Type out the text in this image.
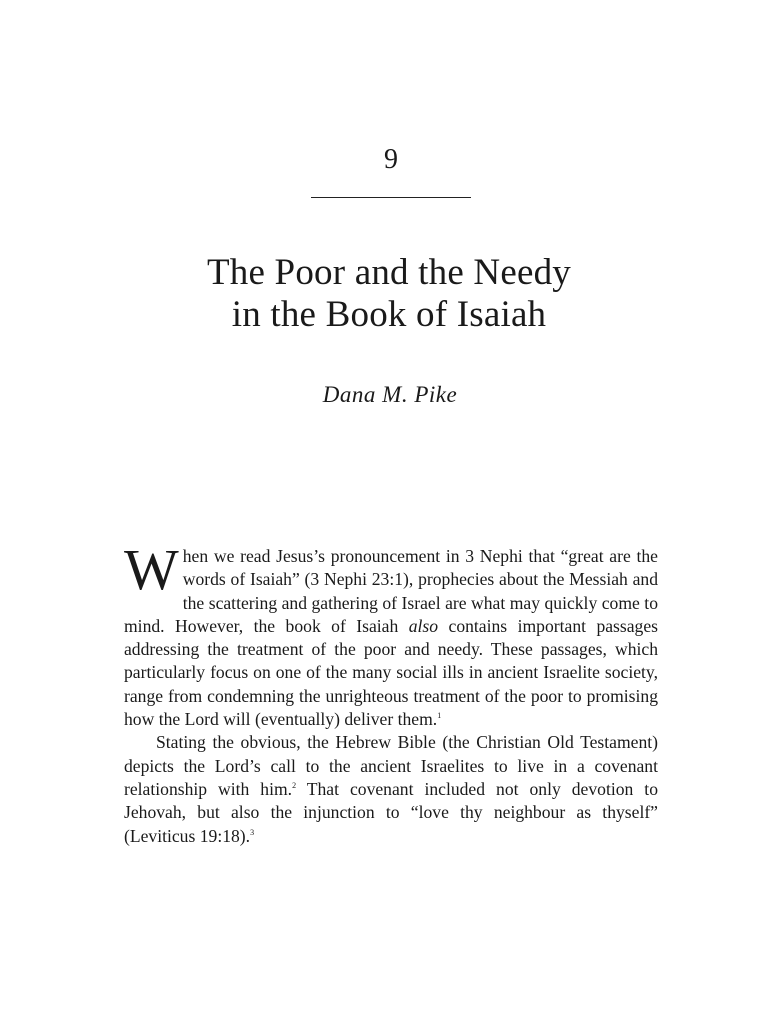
9
The Poor and the Needy
in the Book of Isaiah
Dana M. Pike

When we read Jesus’s pronouncement in 3 Nephi that “great are the words of Isaiah” (3 Nephi 23:1), prophecies about the Messiah and the scattering and gathering of Israel are what may quickly come to mind. However, the book of Isaiah also contains important passages addressing the treatment of the poor and needy. These passages, which particularly focus on one of the many social ills in ancient Israelite society, range from condemning the unrighteous treatment of the poor to promising how the Lord will (eventually) deliver them.$^1$

Stating the obvious, the Hebrew Bible (the Christian Old Testament) depicts the Lord’s call to the ancient Israelites to live in a covenant relationship with him.$^2$ That covenant included not only devotion to Jehovah, but also the injunction to “love thy neighbour as thyself” (Leviticus 19:18).$^3$
